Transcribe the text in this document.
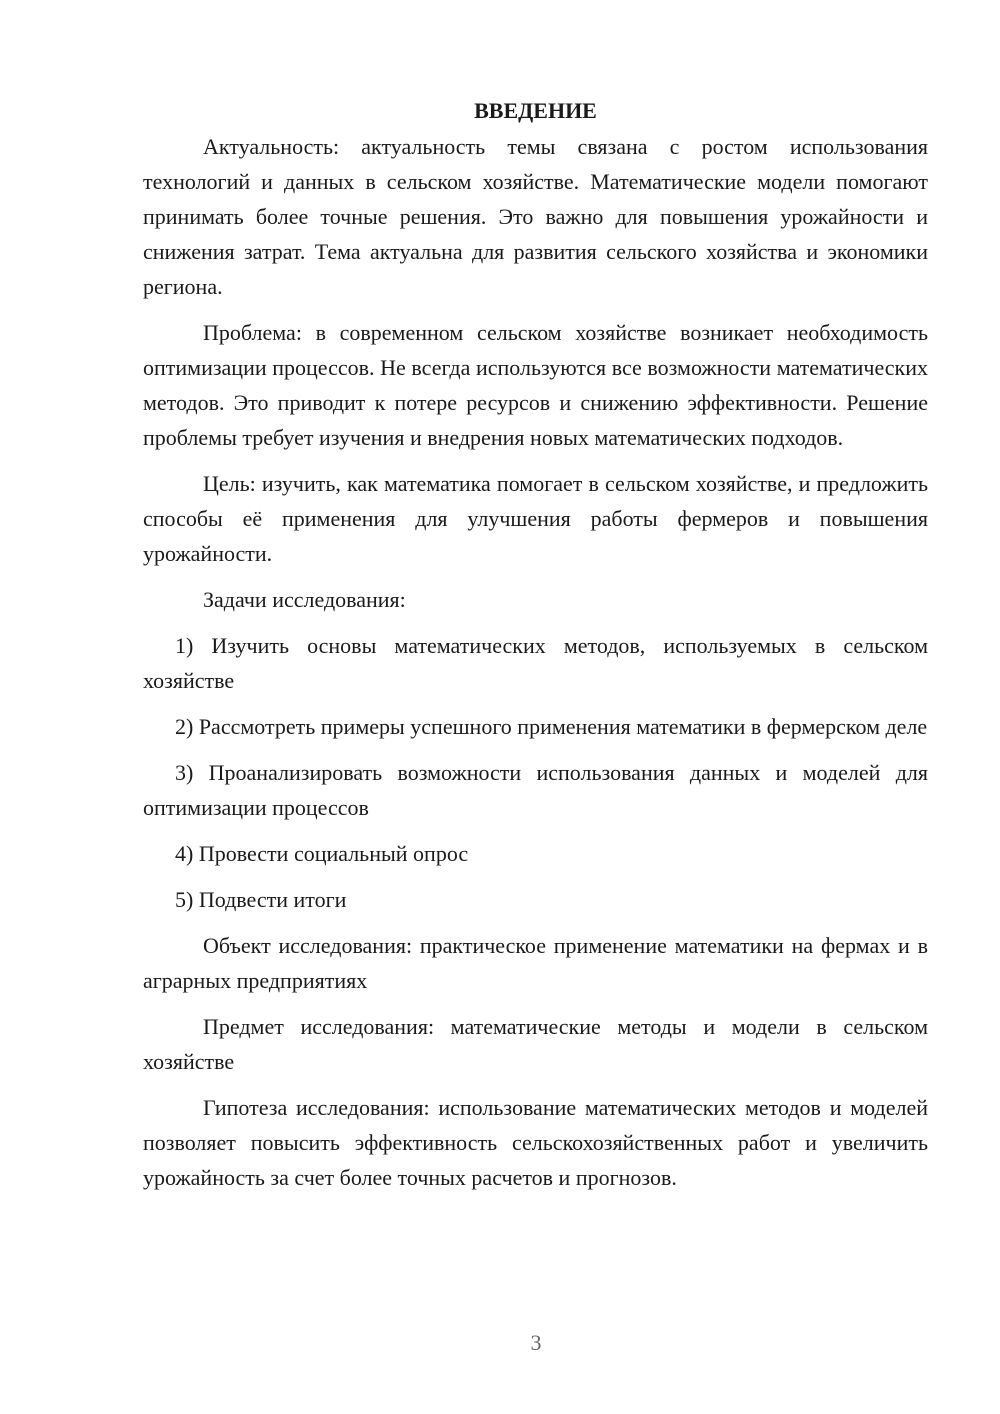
ВВЕДЕНИЕ

Актуальность: актуальность темы связана с ростом использования технологий и данных в сельском хозяйстве. Математические модели помогают принимать более точные решения. Это важно для повышения урожайности и снижения затрат. Тема актуальна для развития сельского хозяйства и экономики региона.

Проблема: в современном сельском хозяйстве возникает необходимость оптимизации процессов. Не всегда используются все возможности математических методов. Это приводит к потере ресурсов и снижению эффективности. Решение проблемы требует изучения и внедрения новых математических подходов.

Цель: изучить, как математика помогает в сельском хозяйстве, и предложить способы её применения для улучшения работы фермеров и повышения урожайности.

Задачи исследования:

1) Изучить основы математических методов, используемых в сельском хозяйстве

2) Рассмотреть примеры успешного применения математики в фермерском деле

3) Проанализировать возможности использования данных и моделей для оптимизации процессов

4) Провести социальный опрос

5) Подвести итоги

Объект исследования: практическое применение математики на фермах и в аграрных предприятиях

Предмет исследования: математические методы и модели в сельском хозяйстве

Гипотеза исследования: использование математических методов и моделей позволяет повысить эффективность сельскохозяйственных работ и увеличить урожайность за счет более точных расчетов и прогнозов.

3
